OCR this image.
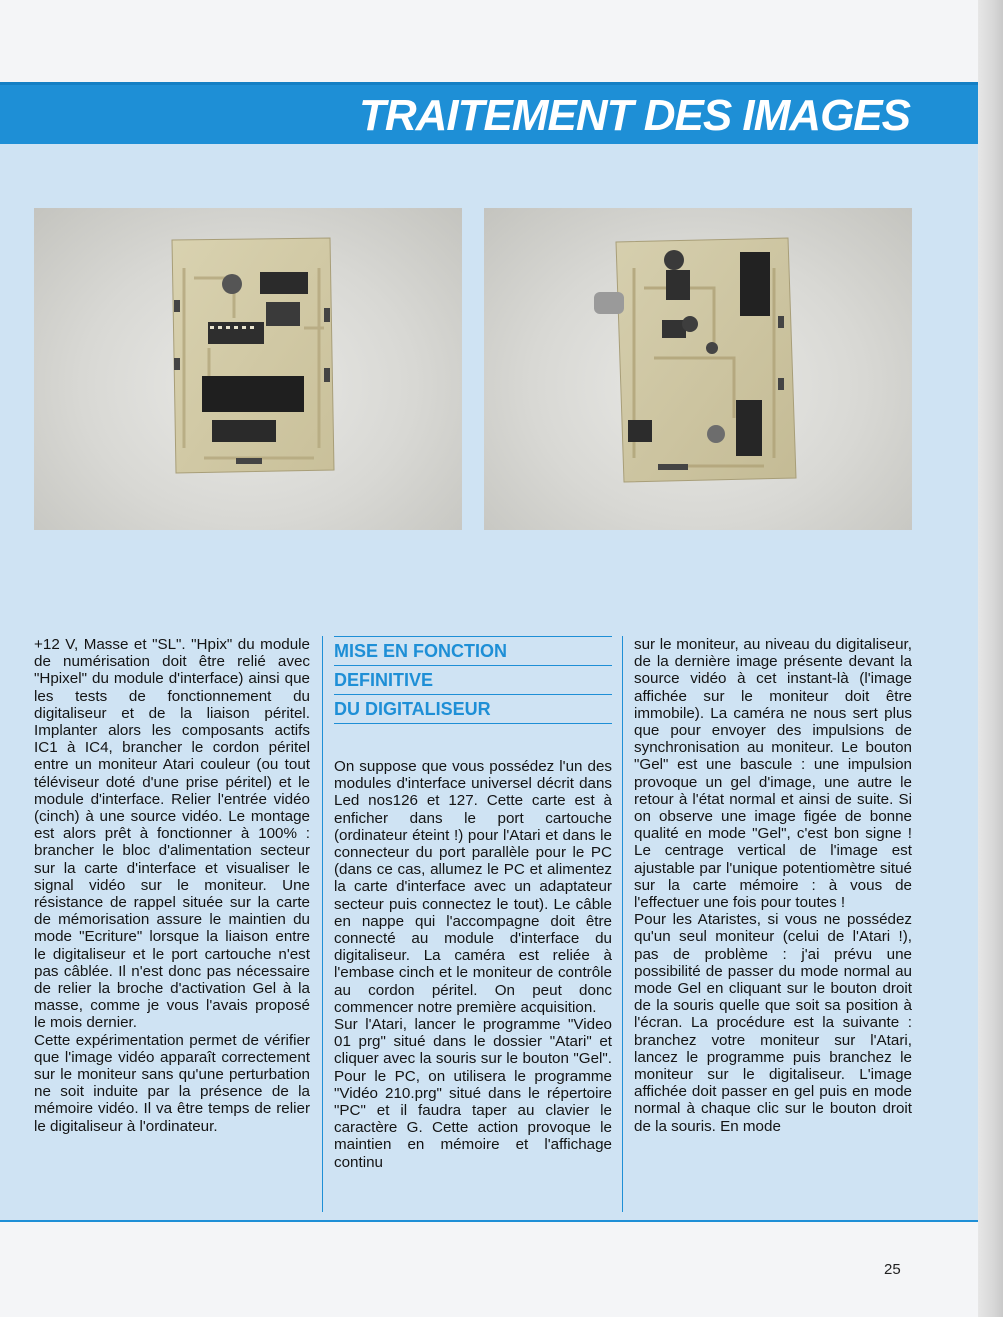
TRAITEMENT DES IMAGES

+12 V, Masse et "SL". "Hpix" du module de numérisation doit être relié avec "Hpixel" du module d'interface) ainsi que les tests de fonctionnement du digitaliseur et de la liaison péritel. Implanter alors les composants actifs IC1 à IC4, brancher le cordon péritel entre un moniteur Atari couleur (ou tout téléviseur doté d'une prise péritel) et le module d'interface. Relier l'entrée vidéo (cinch) à une source vidéo. Le montage est alors prêt à fonctionner à 100% : brancher le bloc d'alimentation secteur sur la carte d'interface et visualiser le signal vidéo sur le moniteur. Une résistance de rappel située sur la carte de mémorisation assure le maintien du mode "Ecriture" lorsque la liaison entre le digitaliseur et le port cartouche n'est pas câblée. Il n'est donc pas nécessaire de relier la broche d'activation Gel à la masse, comme je vous l'avais proposé le mois dernier.

Cette expérimentation permet de vérifier que l'image vidéo apparaît correctement sur le moniteur sans qu'une perturbation ne soit induite par la présence de la mémoire vidéo. Il va être temps de relier le digitaliseur à l'ordinateur.

MISE EN FONCTION
DEFINITIVE
DU DIGITALISEUR

On suppose que vous possédez l'un des modules d'interface universel décrit dans Led nos126 et 127. Cette carte est à enficher dans le port cartouche (ordinateur éteint !) pour l'Atari et dans le connecteur du port parallèle pour le PC (dans ce cas, allumez le PC et alimentez la carte d'interface avec un adaptateur secteur puis connectez le tout). Le câble en nappe qui l'accompagne doit être connecté au module d'interface du digitaliseur. La caméra est reliée à l'embase cinch et le moniteur de contrôle au cordon péritel. On peut donc commencer notre première acquisition.

Sur l'Atari, lancer le programme "Video 01 prg" situé dans le dossier "Atari" et cliquer avec la souris sur le bouton "Gel". Pour le PC, on utilisera le programme "Vidéo 210.prg" situé dans le répertoire "PC" et il faudra taper au clavier le caractère G. Cette action provoque le maintien en mémoire et l'affichage continu

sur le moniteur, au niveau du digitaliseur, de la dernière image présente devant la source vidéo à cet instant-là (l'image affichée sur le moniteur doit être immobile). La caméra ne nous sert plus que pour envoyer des impulsions de synchronisation au moniteur. Le bouton "Gel" est une bascule : une impulsion provoque un gel d'image, une autre le retour à l'état normal et ainsi de suite. Si on observe une image figée de bonne qualité en mode "Gel", c'est bon signe ! Le centrage vertical de l'image est ajustable par l'unique potentiomètre situé sur la carte mémoire : à vous de l'effectuer une fois pour toutes !

Pour les Ataristes, si vous ne possédez qu'un seul moniteur (celui de l'Atari !), pas de problème : j'ai prévu une possibilité de passer du mode normal au mode Gel en cliquant sur le bouton droit de la souris quelle que soit sa position à l'écran. La procédure est la suivante : branchez votre moniteur sur l'Atari, lancez le programme puis branchez le moniteur sur le digitaliseur. L'image affichée doit passer en gel puis en mode normal à chaque clic sur le bouton droit de la souris. En mode

25
